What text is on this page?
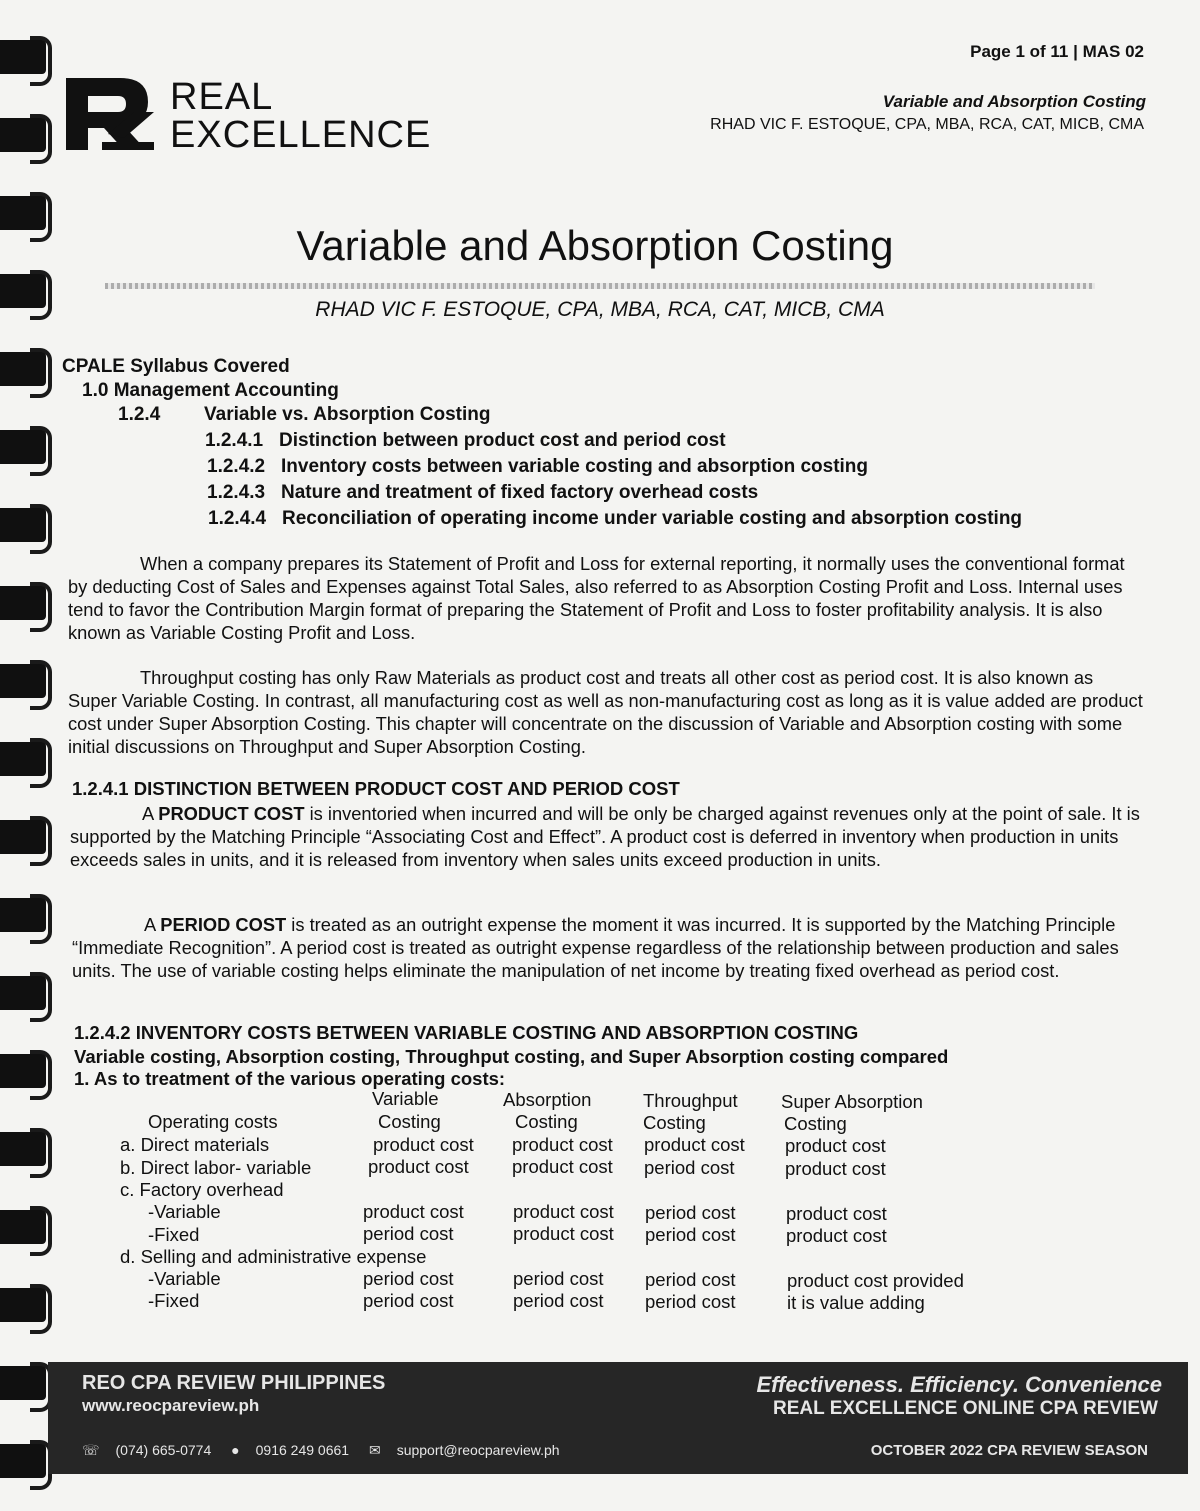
REAL
EXCELLENCE
Page 1 of 11 | MAS 02
Variable and Absorption Costing
RHAD VIC F. ESTOQUE, CPA, MBA, RCA, CAT, MICB, CMA
Variable and Absorption Costing
RHAD VIC F. ESTOQUE, CPA, MBA, RCA, CAT, MICB, CMA
CPALE Syllabus Covered
1.0 Management Accounting
1.2.4 Variable vs. Absorption Costing
1.2.4.1 Distinction between product cost and period cost
1.2.4.2 Inventory costs between variable costing and absorption costing
1.2.4.3 Nature and treatment of fixed factory overhead costs
1.2.4.4 Reconciliation of operating income under variable costing and absorption costing

When a company prepares its Statement of Profit and Loss for external reporting, it normally uses the conventional format by deducting Cost of Sales and Expenses against Total Sales, also referred to as Absorption Costing Profit and Loss. Internal uses tend to favor the Contribution Margin format of preparing the Statement of Profit and Loss to foster profitability analysis. It is also known as Variable Costing Profit and Loss.

Throughput costing has only Raw Materials as product cost and treats all other cost as period cost. It is also known as Super Variable Costing. In contrast, all manufacturing cost as well as non-manufacturing cost as long as it is value added are product cost under Super Absorption Costing. This chapter will concentrate on the discussion of Variable and Absorption costing with some initial discussions on Throughput and Super Absorption Costing.

1.2.4.1 DISTINCTION BETWEEN PRODUCT COST AND PERIOD COST

A PRODUCT COST is inventoried when incurred and will be only be charged against revenues only at the point of sale. It is supported by the Matching Principle “Associating Cost and Effect”. A product cost is deferred in inventory when production in units exceeds sales in units, and it is released from inventory when sales units exceed production in units.

A PERIOD COST is treated as an outright expense the moment it was incurred. It is supported by the Matching Principle “Immediate Recognition”. A period cost is treated as outright expense regardless of the relationship between production and sales units. The use of variable costing helps eliminate the manipulation of net income by treating fixed overhead as period cost.

1.2.4.2 INVENTORY COSTS BETWEEN VARIABLE COSTING AND ABSORPTION COSTING
Variable costing, Absorption costing, Throughput costing, and Super Absorption costing compared
1. As to treatment of the various operating costs:
Variable	Absorption	Throughput Super Absorption
Operating costs	Costing	Costing	Costing	Costing
a. Direct materials	product cost product cost product cost product cost
b. Direct labor- variable	product cost product cost period cost	product cost
c. Factory overhead
-Variable	product cost	product cost period cost	product cost
-Fixed	period cost	product cost period cost	product cost
d. Selling and administrative expense
-Variable	period cost	period cost period cost	product cost provided
-Fixed	period cost	period cost period cost	it is value adding
REO CPA REVIEW PHILIPPINES
www.reocpareview.ph
Effectiveness. Efficiency. Convenience
REAL EXCELLENCE ONLINE CPA REVIEW
☏ (074) 665-0774 ● 0916 249 0661 ✉ support@reocpareview.ph	OCTOBER 2022 CPA REVIEW SEASON
